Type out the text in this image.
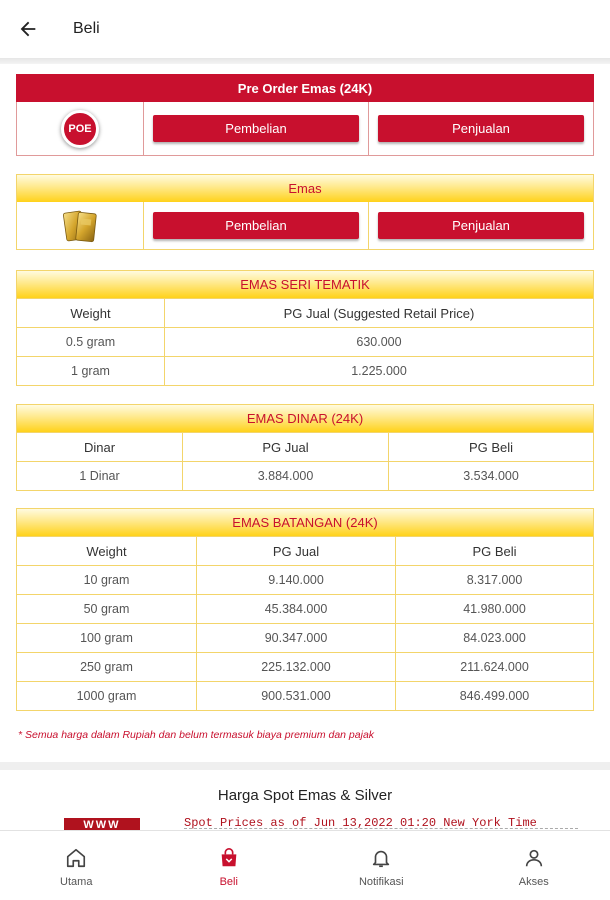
Beli
Pre Order Emas (24K)
POE	Pembelian	Penjualan
Emas
Pembelian	Penjualan
EMAS SERI TEMATIK
Weight	PG Jual (Suggested Retail Price)
0.5 gram	630.000
1 gram	1.225.000
EMAS DINAR (24K)
Dinar	PG Jual	PG Beli
1 Dinar	3.884.000	3.534.000
EMAS BATANGAN (24K)
Weight	PG Jual	PG Beli
10 gram	9.140.000	8.317.000
50 gram	45.384.000	41.980.000
100 gram	90.347.000	84.023.000
250 gram	225.132.000	211.624.000
1000 gram	900.531.000	846.499.000
* Semua harga dalam Rupiah dan belum termasuk biaya premium dan pajak
Harga Spot Emas & Silver
WWW	Spot Prices as of Jun 13,2022 01:20 New York Time
Utama	Beli	Notifikasi	Akses
